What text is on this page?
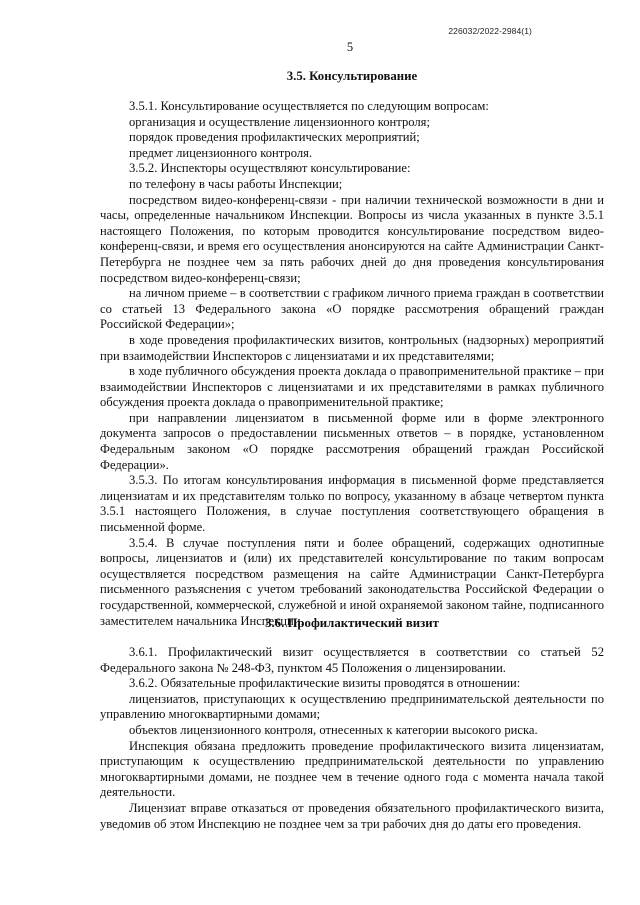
226032/2022-2984(1)
5
3.5. Консультирование

3.5.1. Консультирование осуществляется по следующим вопросам:

организация и осуществление лицензионного контроля;

порядок проведения профилактических мероприятий;

предмет лицензионного контроля.

3.5.2. Инспекторы осуществляют консультирование:

по телефону в часы работы Инспекции;

посредством видео-конференц-связи - при наличии технической возможности в дни и часы, определенные начальником Инспекции. Вопросы из числа указанных в пункте 3.5.1 настоящего Положения, по которым проводится консультирование посредством видео-конференц-связи, и время его осуществления анонсируются на сайте Администрации Санкт-Петербурга не позднее чем за пять рабочих дней до дня проведения консультирования посредством видео-конференц-связи;

на личном приеме – в соответствии с графиком личного приема граждан в соответствии со статьей 13 Федерального закона «О порядке рассмотрения обращений граждан Российской Федерации»;

в ходе проведения профилактических визитов, контрольных (надзорных) мероприятий при взаимодействии Инспекторов с лицензиатами и их представителями;

в ходе публичного обсуждения проекта доклада о правоприменительной практике – при взаимодействии Инспекторов с лицензиатами и их представителями в рамках публичного обсуждения проекта доклада о правоприменительной практике;

при направлении лицензиатом в письменной форме или в форме электронного документа запросов о предоставлении письменных ответов – в порядке, установленном Федеральным законом «О порядке рассмотрения обращений граждан Российской Федерации».

3.5.3. По итогам консультирования информация в письменной форме представляется лицензиатам и их представителям только по вопросу, указанному в абзаце четвертом пункта 3.5.1 настоящего Положения, в случае поступления соответствующего обращения в письменной форме.

3.5.4. В случае поступления пяти и более обращений, содержащих однотипные вопросы, лицензиатов и (или) их представителей консультирование по таким вопросам осуществляется посредством размещения на сайте Администрации Санкт-Петербурга письменного разъяснения с учетом требований законодательства Российской Федерации о государственной, коммерческой, служебной и иной охраняемой законом тайне, подписанного заместителем начальника Инспекции.

3.6. Профилактический визит

3.6.1. Профилактический визит осуществляется в соответствии со статьей 52 Федерального закона № 248-ФЗ, пунктом 45 Положения о лицензировании.

3.6.2. Обязательные профилактические визиты проводятся в отношении:

лицензиатов, приступающих к осуществлению предпринимательской деятельности по управлению многоквартирными домами;

объектов лицензионного контроля, отнесенных к категории высокого риска.

Инспекция обязана предложить проведение профилактического визита лицензиатам, приступающим к осуществлению предпринимательской деятельности по управлению многоквартирными домами, не позднее чем в течение одного года с момента начала такой деятельности.

Лицензиат вправе отказаться от проведения обязательного профилактического визита, уведомив об этом Инспекцию не позднее чем за три рабочих дня до даты его проведения.
